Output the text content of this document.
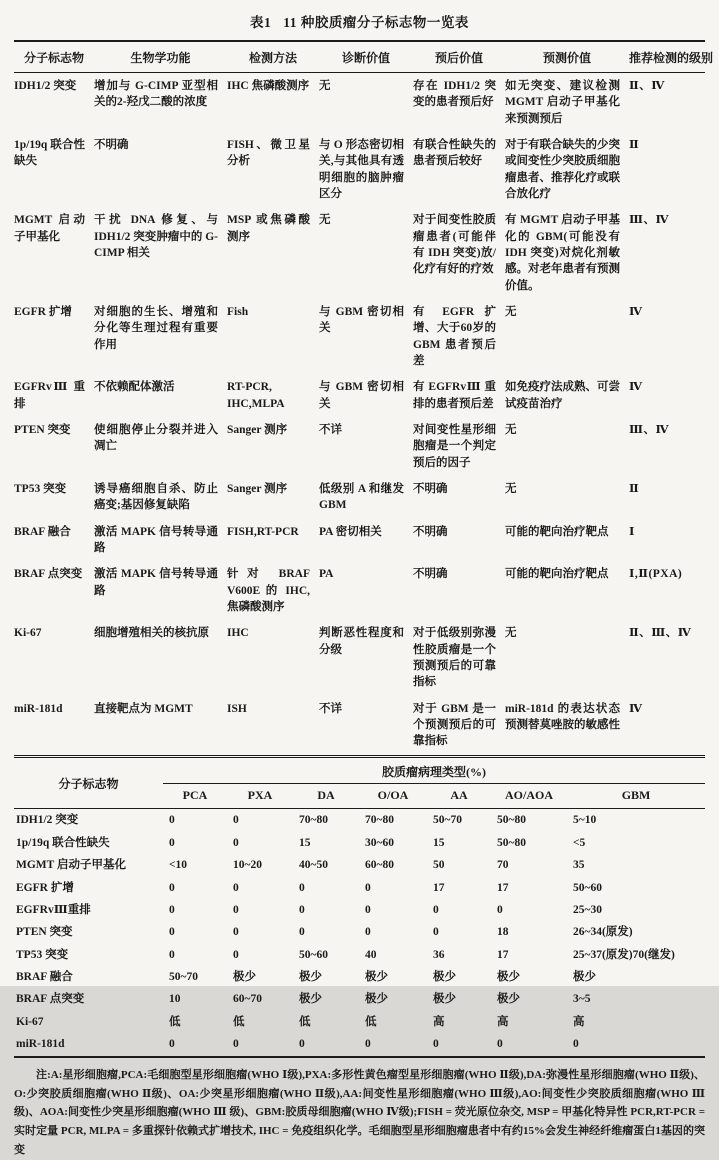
表1 11 种胶质瘤分子标志物一览表
分子标志物	生物学功能	检测方法	诊断价值	预后价值	预测价值	推荐检测的级别
IDH1/2 突变	增加与 G-CIMP 亚型相关的2-羟戊二酸的浓度	IHC 焦磷酸测序	无	存在 IDH1/2 突变的患者预后好	如无突变、建议检测 MGMT 启动子甲基化来预测预后	Ⅱ、Ⅳ
1p/19q 联合性缺失	不明确	FISH、微卫星分析	与 O 形态密切相关,与其他具有透明细胞的脑肿瘤区分	有联合性缺失的患者预后较好	对于有联合缺失的少突或间变性少突胶质细胞瘤患者、推荐化疗或联合放化疗	Ⅱ
MGMT 启动子甲基化	干扰 DNA 修复、与 IDH1/2 突变肿瘤中的 G-CIMP 相关	MSP 或焦磷酸测序	无	对于间变性胶质瘤患者(可能伴有 IDH 突变)放/化疗有好的疗效	有 MGMT 启动子甲基化的 GBM(可能没有 IDH 突变)对烷化剂敏感。对老年患者有预测价值。	Ⅲ、Ⅳ
EGFR 扩增	对细胞的生长、增殖和分化等生理过程有重要作用	Fish	与 GBM 密切相关	有 EGFR 扩增、大于60岁的 GBM 患者预后差	无	Ⅳ
EGFRvⅢ 重排	不依赖配体激活	RT-PCR, IHC,MLPA	与 GBM 密切相关	有 EGFRvⅢ 重排的患者预后差	如免疫疗法成熟、可尝试疫苗治疗	Ⅳ
PTEN 突变	使细胞停止分裂并进入凋亡	Sanger 测序	不详	对间变性星形细胞瘤是一个判定预后的因子	无	Ⅲ、Ⅳ
TP53 突变	诱导癌细胞自杀、防止癌变;基因修复缺陷	Sanger 测序	低级别 A 和继发 GBM	不明确	无	Ⅱ
BRAF 融合	激活 MAPK 信号转导通路	FISH,RT-PCR	PA 密切相关	不明确	可能的靶向治疗靶点	Ⅰ
BRAF 点突变	激活 MAPK 信号转导通路	针对 BRAF V600E 的 IHC,焦磷酸测序	PA	不明确	可能的靶向治疗靶点	Ⅰ,Ⅱ(PXA)
Ki-67	细胞增殖相关的核抗原	IHC	判断恶性程度和分级	对于低级别弥漫性胶质瘤是一个预测预后的可靠指标	无	Ⅱ、Ⅲ、Ⅳ
miR-181d	直接靶点为 MGMT	ISH	不详	对于 GBM 是一个预测预后的可靠指标	miR-181d 的表达状态预测替莫唑胺的敏感性	Ⅳ
分子标志物	胶质瘤病理类型(%)						
	PCA	PXA	DA	O/OA	AA	AO/AOA	GBM
IDH1/2 突变	0	0	70~80	70~80	50~70	50~80	5~10
1p/19q 联合性缺失	0	0	15	30~60	15	50~80	<5
MGMT 启动子甲基化	<10	10~20	40~50	60~80	50	70	35
EGFR 扩增	0	0	0	0	17	17	50~60
EGFRvⅢ重排	0	0	0	0	0	0	25~30
PTEN 突变	0	0	0	0	0	18	26~34(原发)
TP53 突变	0	0	50~60	40	36	17	25~37(原发)70(继发)
BRAF 融合	50~70	极少	极少	极少	极少	极少	极少
BRAF 点突变	10	60~70	极少	极少	极少	极少	3~5
Ki-67	低	低	低	低	高	高	高
miR-181d	0	0	0	0	0	0	0
注:A:星形细胞瘤,PCA:毛细胞型星形细胞瘤(WHO Ⅰ级),PXA:多形性黄色瘤型星形细胞瘤(WHO Ⅱ级),DA:弥漫性星形细胞瘤(WHO Ⅱ级)、O:少突胶质细胞瘤(WHO Ⅱ级)、OA:少突星形细胞瘤(WHO Ⅱ级),AA:间变性星形细胞瘤(WHO Ⅲ级),AO:间变性少突胶质细胞瘤(WHO Ⅲ 级)、AOA:间变性少突星形细胞瘤(WHO Ⅲ 级)、GBM:胶质母细胞瘤(WHO Ⅳ级);FISH = 荧光原位杂交, MSP = 甲基化特异性 PCR,RT-PCR = 实时定量 PCR, MLPA = 多重探针依赖式扩增技术, IHC = 免疫组织化学。毛细胞型星形细胞瘤患者中有约15%会发生神经纤维瘤蛋白1基因的突变
